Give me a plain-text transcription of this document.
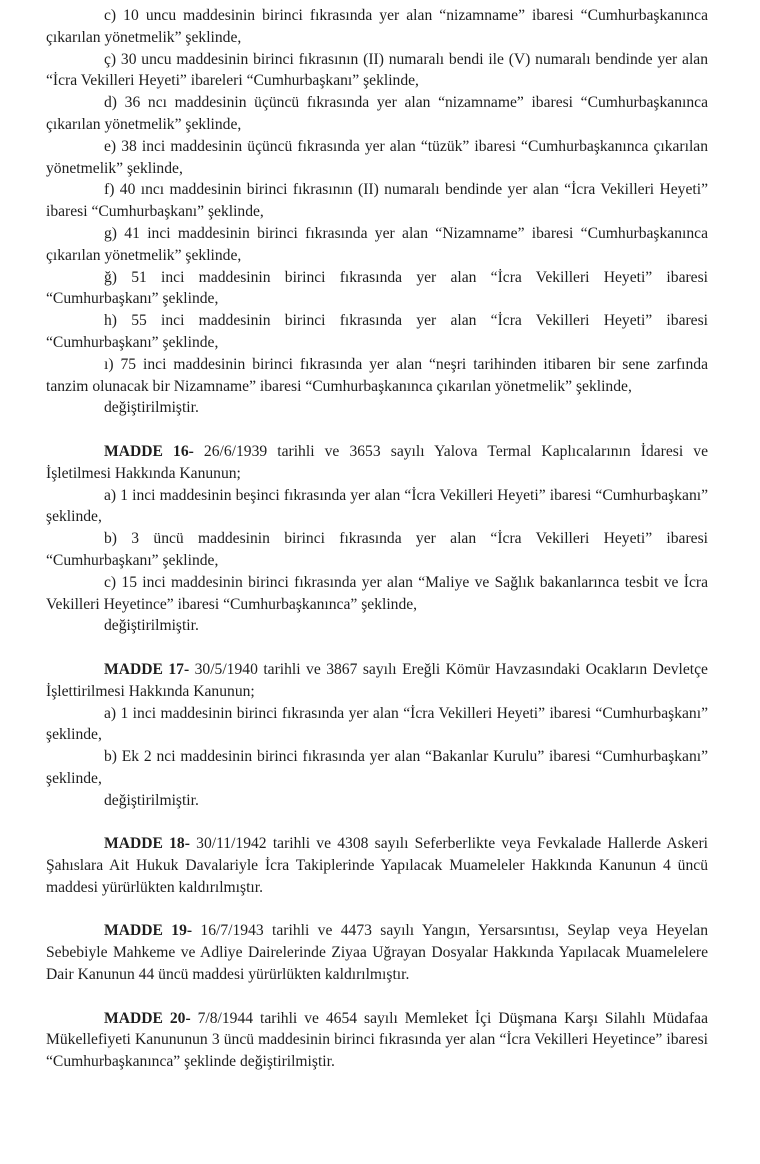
c) 10 uncu maddesinin birinci fıkrasında yer alan “nizamname” ibaresi “Cumhurbaşkanınca çıkarılan yönetmelik” şeklinde,

ç) 30 uncu maddesinin birinci fıkrasının (II) numaralı bendi ile (V) numaralı bendinde yer alan “İcra Vekilleri Heyeti” ibareleri “Cumhurbaşkanı” şeklinde,

d) 36 ncı maddesinin üçüncü fıkrasında yer alan “nizamname” ibaresi “Cumhurbaşkanınca çıkarılan yönetmelik” şeklinde,

e) 38 inci maddesinin üçüncü fıkrasında yer alan “tüzük” ibaresi “Cumhurbaşkanınca çıkarılan yönetmelik” şeklinde,

f) 40 ıncı maddesinin birinci fıkrasının (II) numaralı bendinde yer alan “İcra Vekilleri Heyeti” ibaresi “Cumhurbaşkanı” şeklinde,

g) 41 inci maddesinin birinci fıkrasında yer alan “Nizamname” ibaresi “Cumhurbaşkanınca çıkarılan yönetmelik” şeklinde,

ğ) 51 inci maddesinin birinci fıkrasında yer alan “İcra Vekilleri Heyeti” ibaresi “Cumhurbaşkanı” şeklinde,

h) 55 inci maddesinin birinci fıkrasında yer alan “İcra Vekilleri Heyeti” ibaresi “Cumhurbaşkanı” şeklinde,

ı) 75 inci maddesinin birinci fıkrasında yer alan “neşri tarihinden itibaren bir sene zarfında tanzim olunacak bir Nizamname” ibaresi “Cumhurbaşkanınca çıkarılan yönetmelik” şeklinde,

değiştirilmiştir.

MADDE 16- 26/6/1939 tarihli ve 3653 sayılı Yalova Termal Kaplıcalarının İdaresi ve İşletilmesi Hakkında Kanunun;

a) 1 inci maddesinin beşinci fıkrasında yer alan “İcra Vekilleri Heyeti” ibaresi “Cumhurbaşkanı” şeklinde,

b) 3 üncü maddesinin birinci fıkrasında yer alan “İcra Vekilleri Heyeti” ibaresi “Cumhurbaşkanı” şeklinde,

c) 15 inci maddesinin birinci fıkrasında yer alan “Maliye ve Sağlık bakanlarınca tesbit ve İcra Vekilleri Heyetince” ibaresi “Cumhurbaşkanınca” şeklinde,

değiştirilmiştir.

MADDE 17- 30/5/1940 tarihli ve 3867 sayılı Ereğli Kömür Havzasındaki Ocakların Devletçe İşlettirilmesi Hakkında Kanunun;

a) 1 inci maddesinin birinci fıkrasında yer alan “İcra Vekilleri Heyeti” ibaresi “Cumhurbaşkanı” şeklinde,

b) Ek 2 nci maddesinin birinci fıkrasında yer alan “Bakanlar Kurulu” ibaresi “Cumhurbaşkanı” şeklinde,

değiştirilmiştir.

MADDE 18- 30/11/1942 tarihli ve 4308 sayılı Seferberlikte veya Fevkalade Hallerde Askeri Şahıslara Ait Hukuk Davalariyle İcra Takiplerinde Yapılacak Muameleler Hakkında Kanunun 4 üncü maddesi yürürlükten kaldırılmıştır.

MADDE 19- 16/7/1943 tarihli ve 4473 sayılı Yangın, Yersarsıntısı, Seylap veya Heyelan Sebebiyle Mahkeme ve Adliye Dairelerinde Ziyaa Uğrayan Dosyalar Hakkında Yapılacak Muamelelere Dair Kanunun 44 üncü maddesi yürürlükten kaldırılmıştır.

MADDE 20- 7/8/1944 tarihli ve 4654 sayılı Memleket İçi Düşmana Karşı Silahlı Müdafaa Mükellefiyeti Kanununun 3 üncü maddesinin birinci fıkrasında yer alan “İcra Vekilleri Heyetince” ibaresi “Cumhurbaşkanınca” şeklinde değiştirilmiştir.
